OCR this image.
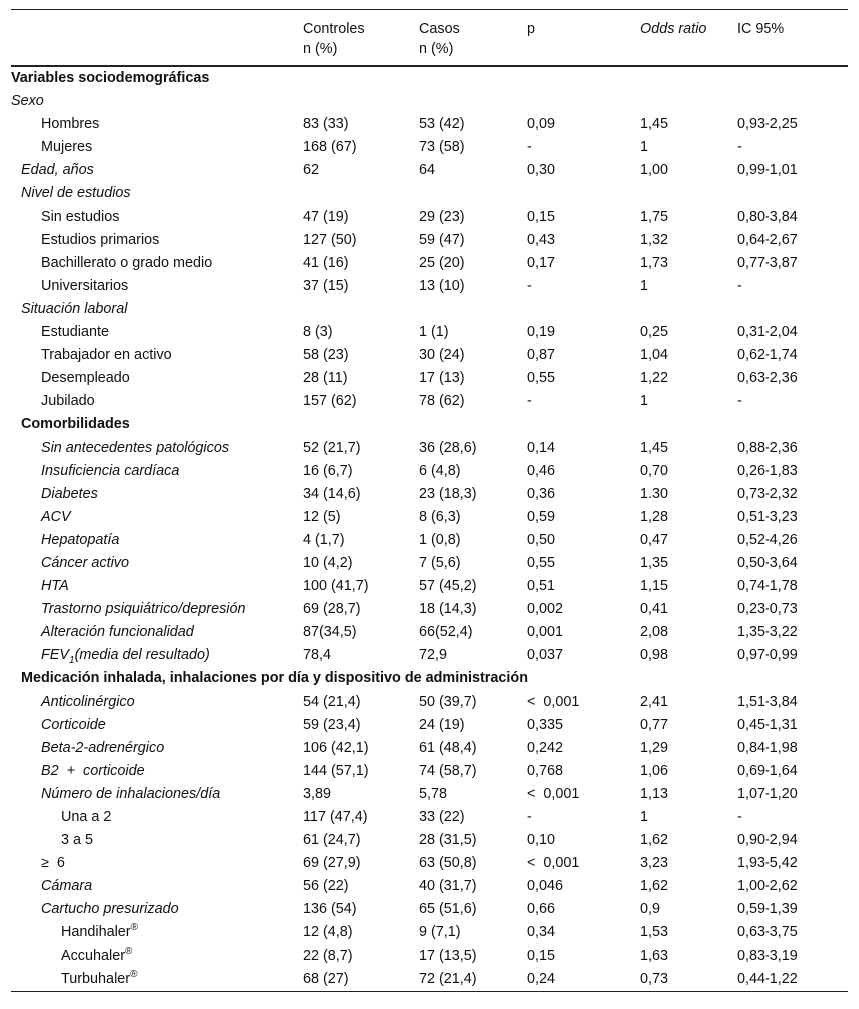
	Controles
n (%)	Casos
n (%)	p	Odds ratio	IC 95%
Variables sociodemográficas					
Sexo					
Hombres	83 (33)	53 (42)	0,09	1,45	0,93-2,25
Mujeres	168 (67)	73 (58)	-	1	-
Edad, años	62	64	0,30	1,00	0,99-1,01
Nivel de estudios					
Sin estudios	47 (19)	29 (23)	0,15	1,75	0,80-3,84
Estudios primarios	127 (50)	59 (47)	0,43	1,32	0,64-2,67
Bachillerato o grado medio	41 (16)	25 (20)	0,17	1,73	0,77-3,87
Universitarios	37 (15)	13 (10)	-	1	-
Situación laboral					
Estudiante	8 (3)	1 (1)	0,19	0,25	0,31-2,04
Trabajador en activo	58 (23)	30 (24)	0,87	1,04	0,62-1,74
Desempleado	28 (11)	17 (13)	0,55	1,22	0,63-2,36
Jubilado	157 (62)	78 (62)	-	1	-
Comorbilidades					
Sin antecedentes patológicos	52 (21,7)	36 (28,6)	0,14	1,45	0,88-2,36
Insuficiencia cardíaca	16 (6,7)	6 (4,8)	0,46	0,70	0,26-1,83
Diabetes	34 (14,6)	23 (18,3)	0,36	1.30	0,73-2,32
ACV	12 (5)	8 (6,3)	0,59	1,28	0,51-3,23
Hepatopatía	4 (1,7)	1 (0,8)	0,50	0,47	0,52-4,26
Cáncer activo	10 (4,2)	7 (5,6)	0,55	1,35	0,50-3,64
HTA	100 (41,7)	57 (45,2)	0,51	1,15	0,74-1,78
Trastorno psiquiátrico/depresión	69 (28,7)	18 (14,3)	0,002	0,41	0,23-0,73
Alteración funcionalidad	87(34,5)	66(52,4)	0,001	2,08	1,35-3,22
$FEV_1(media$ del resultado)	78,4	72,9	0,037	0,98	0,97-0,99
Medicación inhalada, inhalaciones por día y dispositivo de administración					
Anticolinérgico	54 (21,4)	50 (39,7)	<  0,001	2,41	1,51-3,84
Corticoide	59 (23,4)	24 (19)	0,335	0,77	0,45-1,31
Beta-2-adrenérgico	106 (42,1)	61 (48,4)	0,242	1,29	0,84-1,98
B2  +  corticoide	144 (57,1)	74 (58,7)	0,768	1,06	0,69-1,64
Número de inhalaciones/día	3,89	5,78	<  0,001	1,13	1,07-1,20
Una a 2	117 (47,4)	33 (22)	-	1	-
3 a 5	61 (24,7)	28 (31,5)	0,10	1,62	0,90-2,94
≥  6	69 (27,9)	63 (50,8)	<  0,001	3,23	1,93-5,42
Cámara	56 (22)	40 (31,7)	0,046	1,62	1,00-2,62
Cartucho presurizado	136 (54)	65 (51,6)	0,66	0,9	0,59-1,39
Handihaler®	12 (4,8)	9 (7,1)	0,34	1,53	0,63-3,75
Accuhaler®	22 (8,7)	17 (13,5)	0,15	1,63	0,83-3,19
Turbuhaler®	68 (27)	72 (21,4)	0,24	0,73	0,44-1,22
